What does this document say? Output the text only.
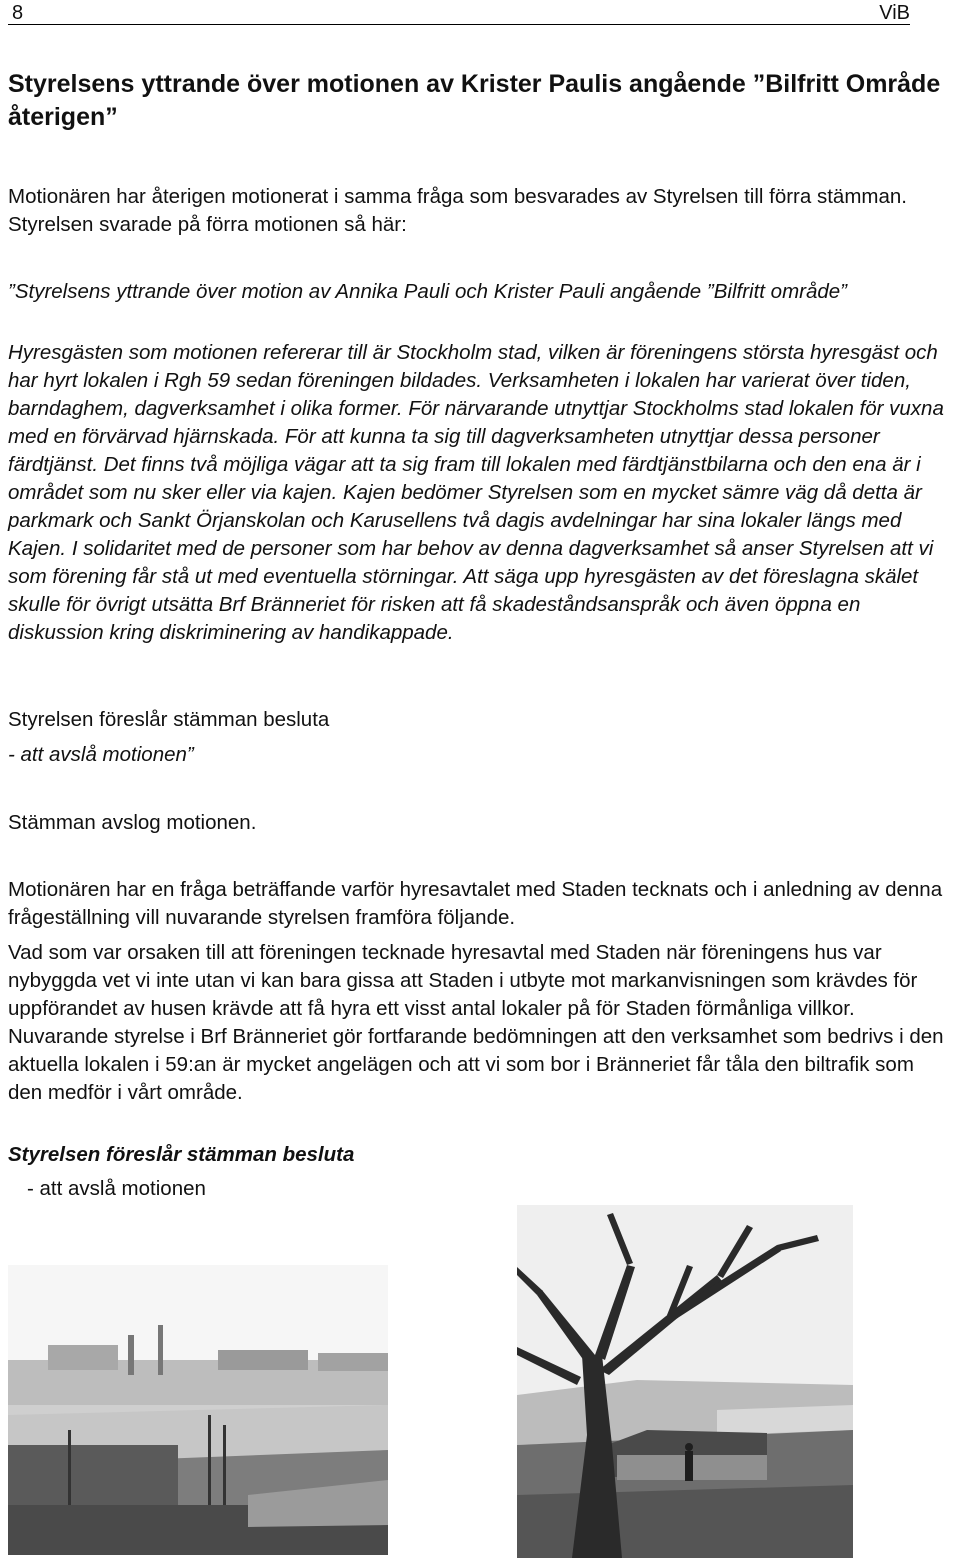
8	ViB
Styrelsens yttrande över motionen av Krister Paulis angående ”Bilfritt Område återigen”

Motionären har återigen motionerat i samma fråga som besvarades av Styrelsen till förra stämman. Styrelsen svarade på förra motionen så här:

”Styrelsens yttrande över motion av Annika Pauli och Krister Pauli angående ”Bilfritt område”

Hyresgästen som motionen refererar till är Stockholm stad, vilken är föreningens största hyresgäst och har hyrt lokalen i Rgh 59 sedan föreningen bildades. Verksamheten i lokalen har varierat över tiden, barndaghem, dagverksamhet i olika former. För närvarande utnyttjar Stockholms stad lokalen för vuxna med en förvärvad hjärnskada. För att kunna ta sig till dagverksamheten utnyttjar dessa personer färdtjänst. Det finns två möjliga vägar att ta sig fram till lokalen med färdtjänstbilarna och den ena är i området som nu sker eller via kajen. Kajen bedömer Styrelsen som en mycket sämre väg då detta är parkmark och Sankt Örjanskolan och Karusellens två dagis avdelningar har sina lokaler längs med Kajen. I solidaritet med de personer som har behov av denna dagverksamhet så anser Styrelsen att vi som förening får stå ut med eventuella störningar. Att säga upp hyresgästen av det föreslagna skälet skulle för övrigt utsätta Brf Bränneriet för risken att få skadeståndsanspråk och även öppna en diskussion kring diskriminering av handikappade.

Styrelsen föreslår stämman besluta

- att avslå motionen”

Stämman avslog motionen.

Motionären har en fråga beträffande varför hyresavtalet med Staden tecknats och i anledning av denna frågeställning vill nuvarande styrelsen framföra följande.

Vad som var orsaken till att föreningen tecknade hyresavtal med Staden när föreningens hus var nybyggda vet vi inte utan vi kan bara gissa att Staden i utbyte mot markanvisningen som krävdes för uppförandet av husen krävde att få hyra ett visst antal lokaler på för Staden förmånliga villkor. Nuvarande styrelse i Brf Bränneriet gör fortfarande bedömningen att den verksamhet som bedrivs i den aktuella lokalen i 59:an är mycket angelägen och att vi som bor i Bränneriet får tåla den biltrafik som den medför i vårt område.

Styrelsen föreslår stämman besluta

- att avslå motionen
